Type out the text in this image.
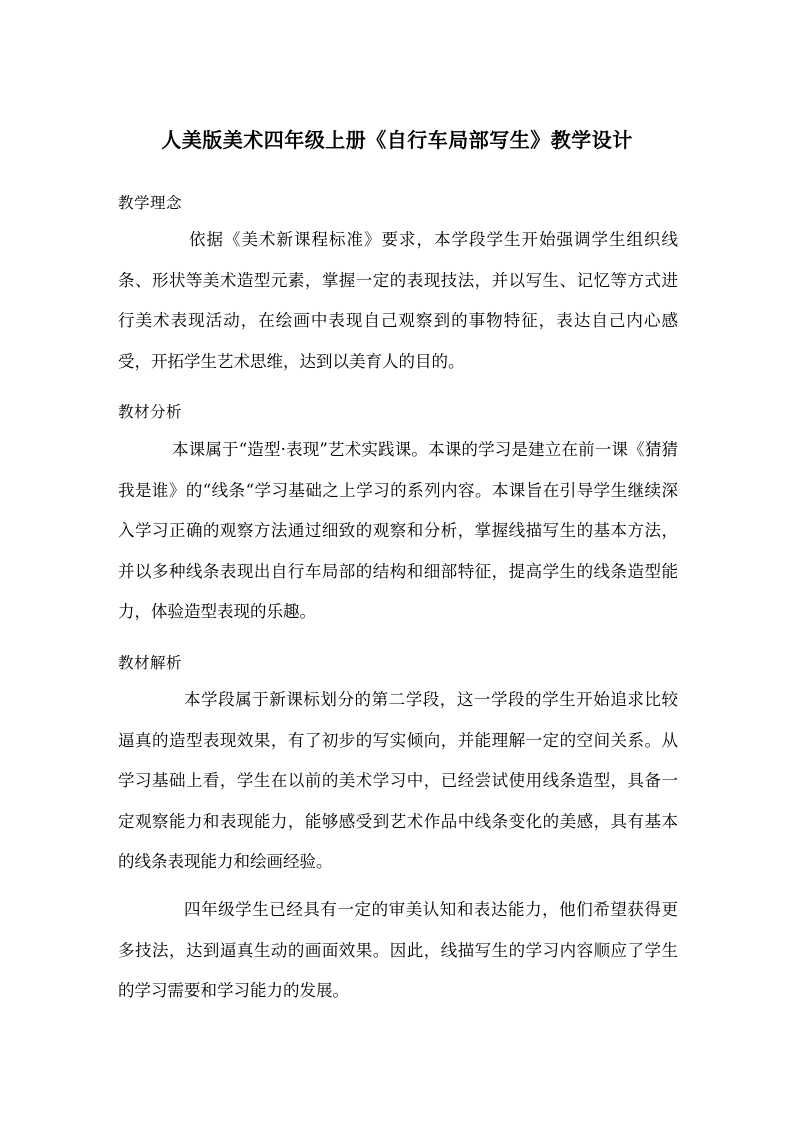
人美版美术四年级上册《自行车局部写生》教学设计
教学理念
依据《美术新课程标准》要求，本学段学生开始强调学生组织线条、形状等美术造型元素，掌握一定的表现技法，并以写生、记忆等方式进行美术表现活动，在绘画中表现自己观察到的事物特征，表达自己内心感受，开拓学生艺术思维，达到以美育人的目的。
教材分析
本课属于“造型·表现”艺术实践课。本课的学习是建立在前一课《猜猜我是谁》的“线条“学习基础之上学习的系列内容。本课旨在引导学生继续深入学习正确的观察方法通过细致的观察和分析，掌握线描写生的基本方法，并以多种线条表现出自行车局部的结构和细部特征，提高学生的线条造型能力，体验造型表现的乐趣。
教材解析
本学段属于新课标划分的第二学段，这一学段的学生开始追求比较逼真的造型表现效果，有了初步的写实倾向，并能理解一定的空间关系。从学习基础上看，学生在以前的美术学习中，已经尝试使用线条造型，具备一定观察能力和表现能力，能够感受到艺术作品中线条变化的美感，具有基本的线条表现能力和绘画经验。
四年级学生已经具有一定的审美认知和表达能力，他们希望获得更多技法，达到逼真生动的画面效果。因此，线描写生的学习内容顺应了学生的学习需要和学习能力的发展。
